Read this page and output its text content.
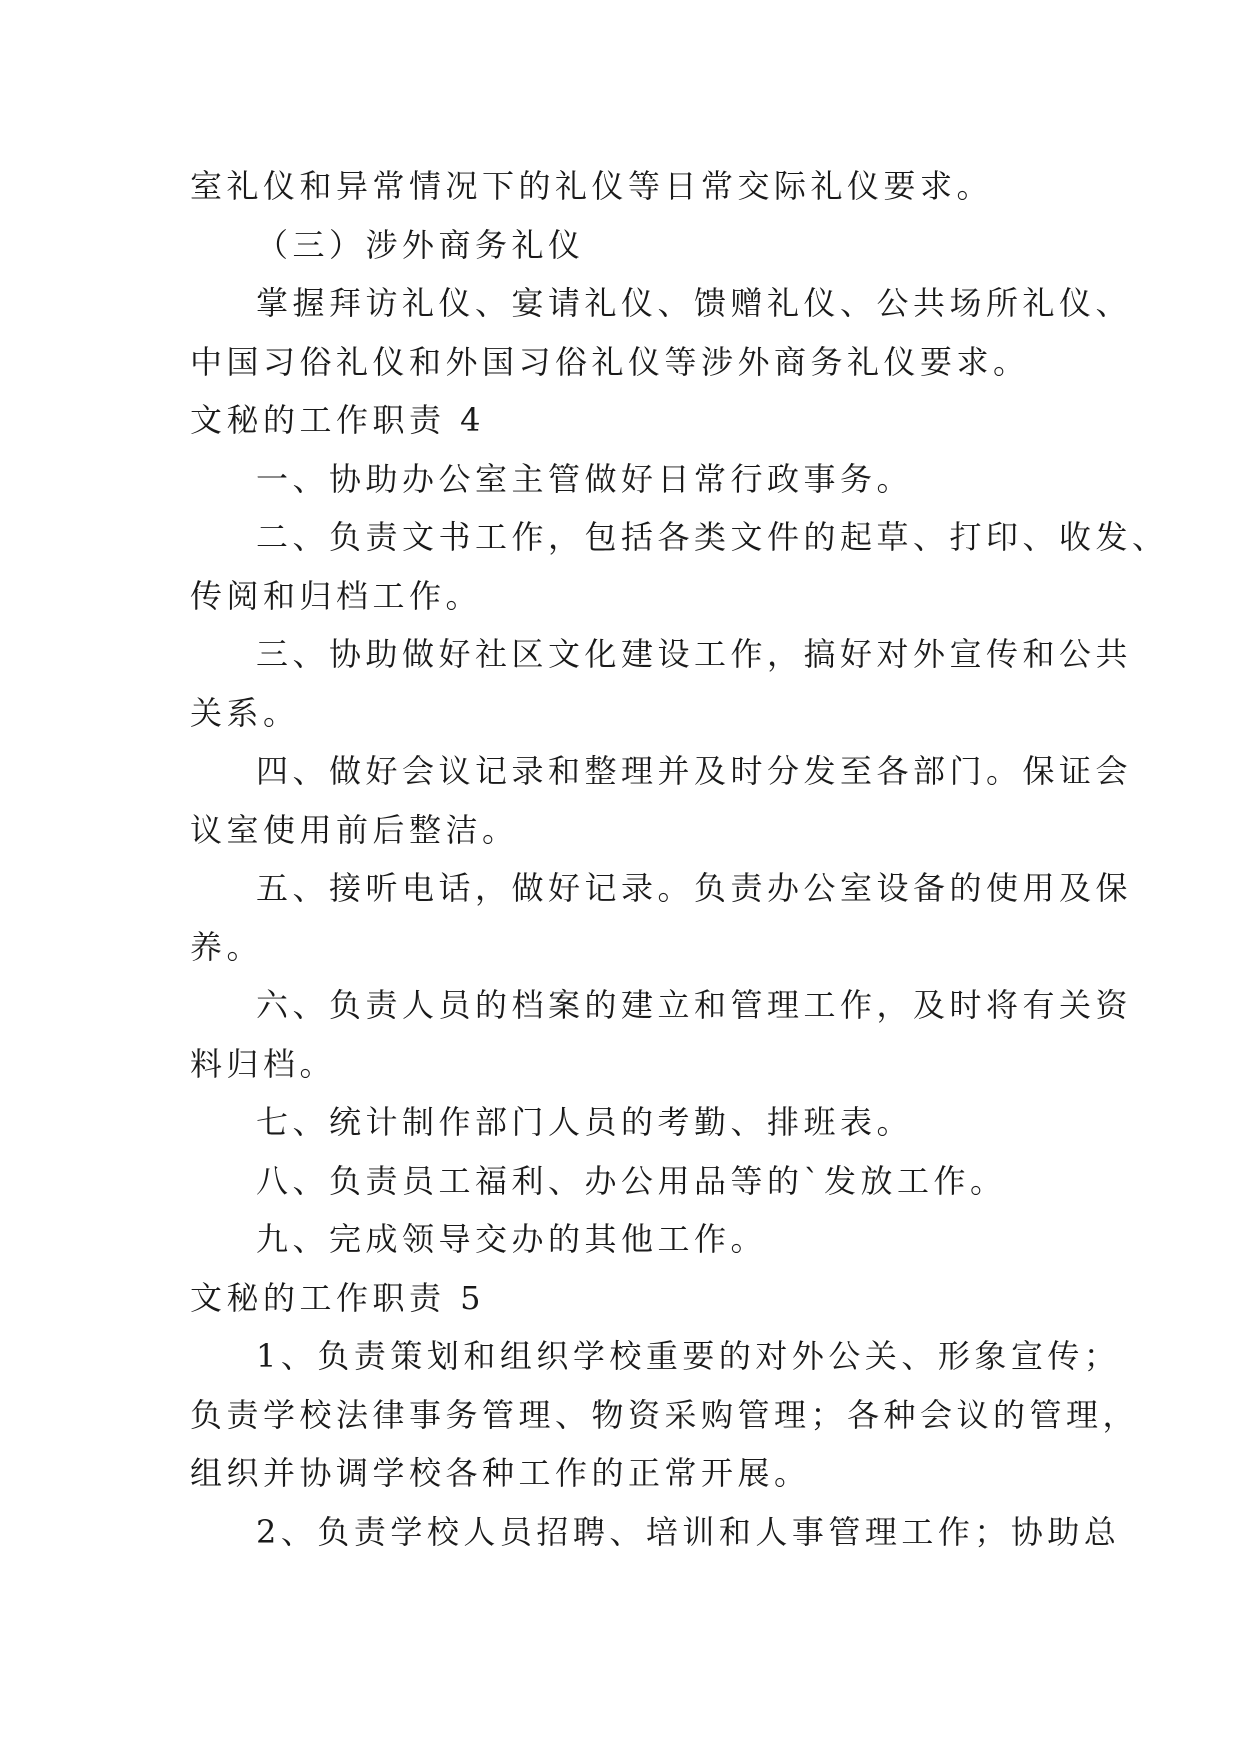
室礼仪和异常情况下的礼仪等日常交际礼仪要求。
（三）涉外商务礼仪
掌握拜访礼仪、宴请礼仪、馈赠礼仪、公共场所礼仪、
中国习俗礼仪和外国习俗礼仪等涉外商务礼仪要求。
文秘的工作职责 4
一、协助办公室主管做好日常行政事务。
二、负责文书工作，包括各类文件的起草、打印、收发、
传阅和归档工作。
三、协助做好社区文化建设工作，搞好对外宣传和公共
关系。
四、做好会议记录和整理并及时分发至各部门。保证会
议室使用前后整洁。
五、接听电话，做好记录。负责办公室设备的使用及保
养。
六、负责人员的档案的建立和管理工作，及时将有关资
料归档。
七、统计制作部门人员的考勤、排班表。
八、负责员工福利、办公用品等的`发放工作。
九、完成领导交办的其他工作。
文秘的工作职责 5
1、负责策划和组织学校重要的对外公关、形象宣传；
负责学校法律事务管理、物资采购管理；各种会议的管理，
组织并协调学校各种工作的正常开展。
2、负责学校人员招聘、培训和人事管理工作；协助总
